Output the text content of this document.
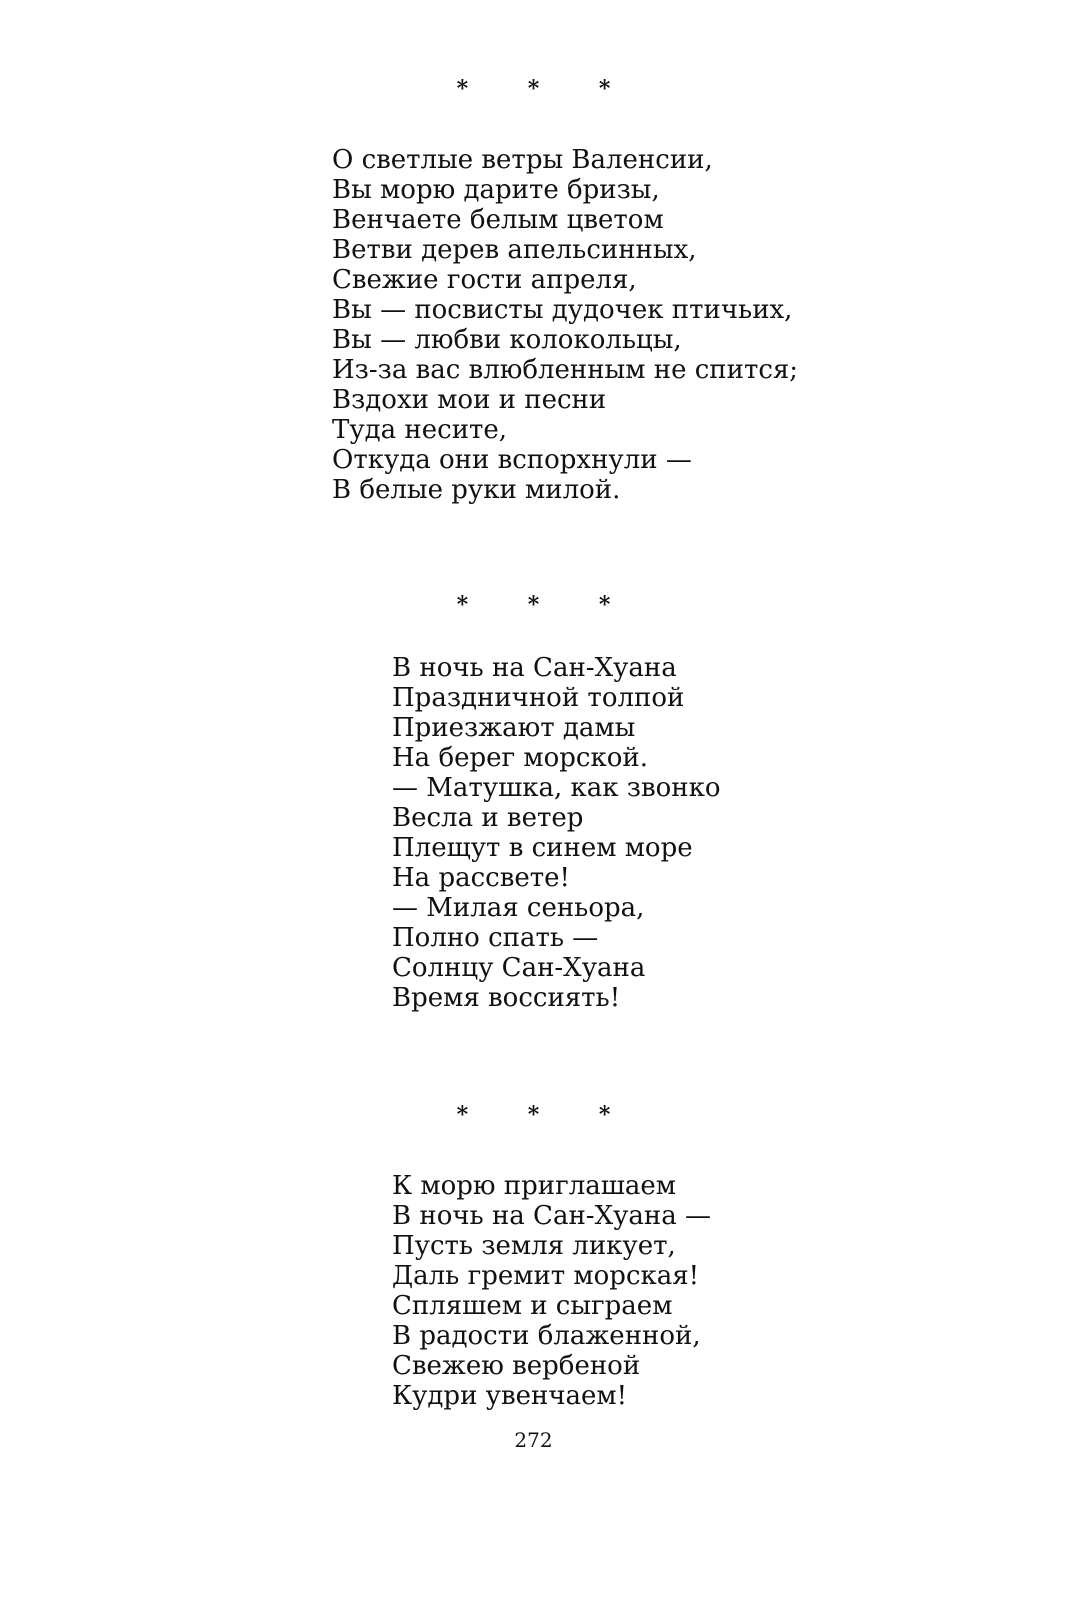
* * *
О светлые ветры Валенсии,
Вы морю дарите бризы,
Венчаете белым цветом
Ветви дерев апельсинных,
Свежие гости апреля,
Вы — посвисты дудочек птичьих,
Вы — любви колокольцы,
Из-за вас влюбленным не спится;
Вздохи мои и песни
Туда несите,
Откуда они вспорхнули —
В белые руки милой.
* * *
В ночь на Сан-Хуана
Праздничной толпой
Приезжают дамы
На берег морской.
— Матушка, как звонко
Весла и ветер
Плещут в синем море
На рассвете!
— Милая сеньора,
Полно спать —
Солнцу Сан-Хуана
Время воссиять!
* * *
К морю приглашаем
В ночь на Сан-Хуана —
Пусть земля ликует,
Даль гремит морская!
Спляшем и сыграем
В радости блаженной,
Свежею вербеной
Кудри увенчаем!
272
